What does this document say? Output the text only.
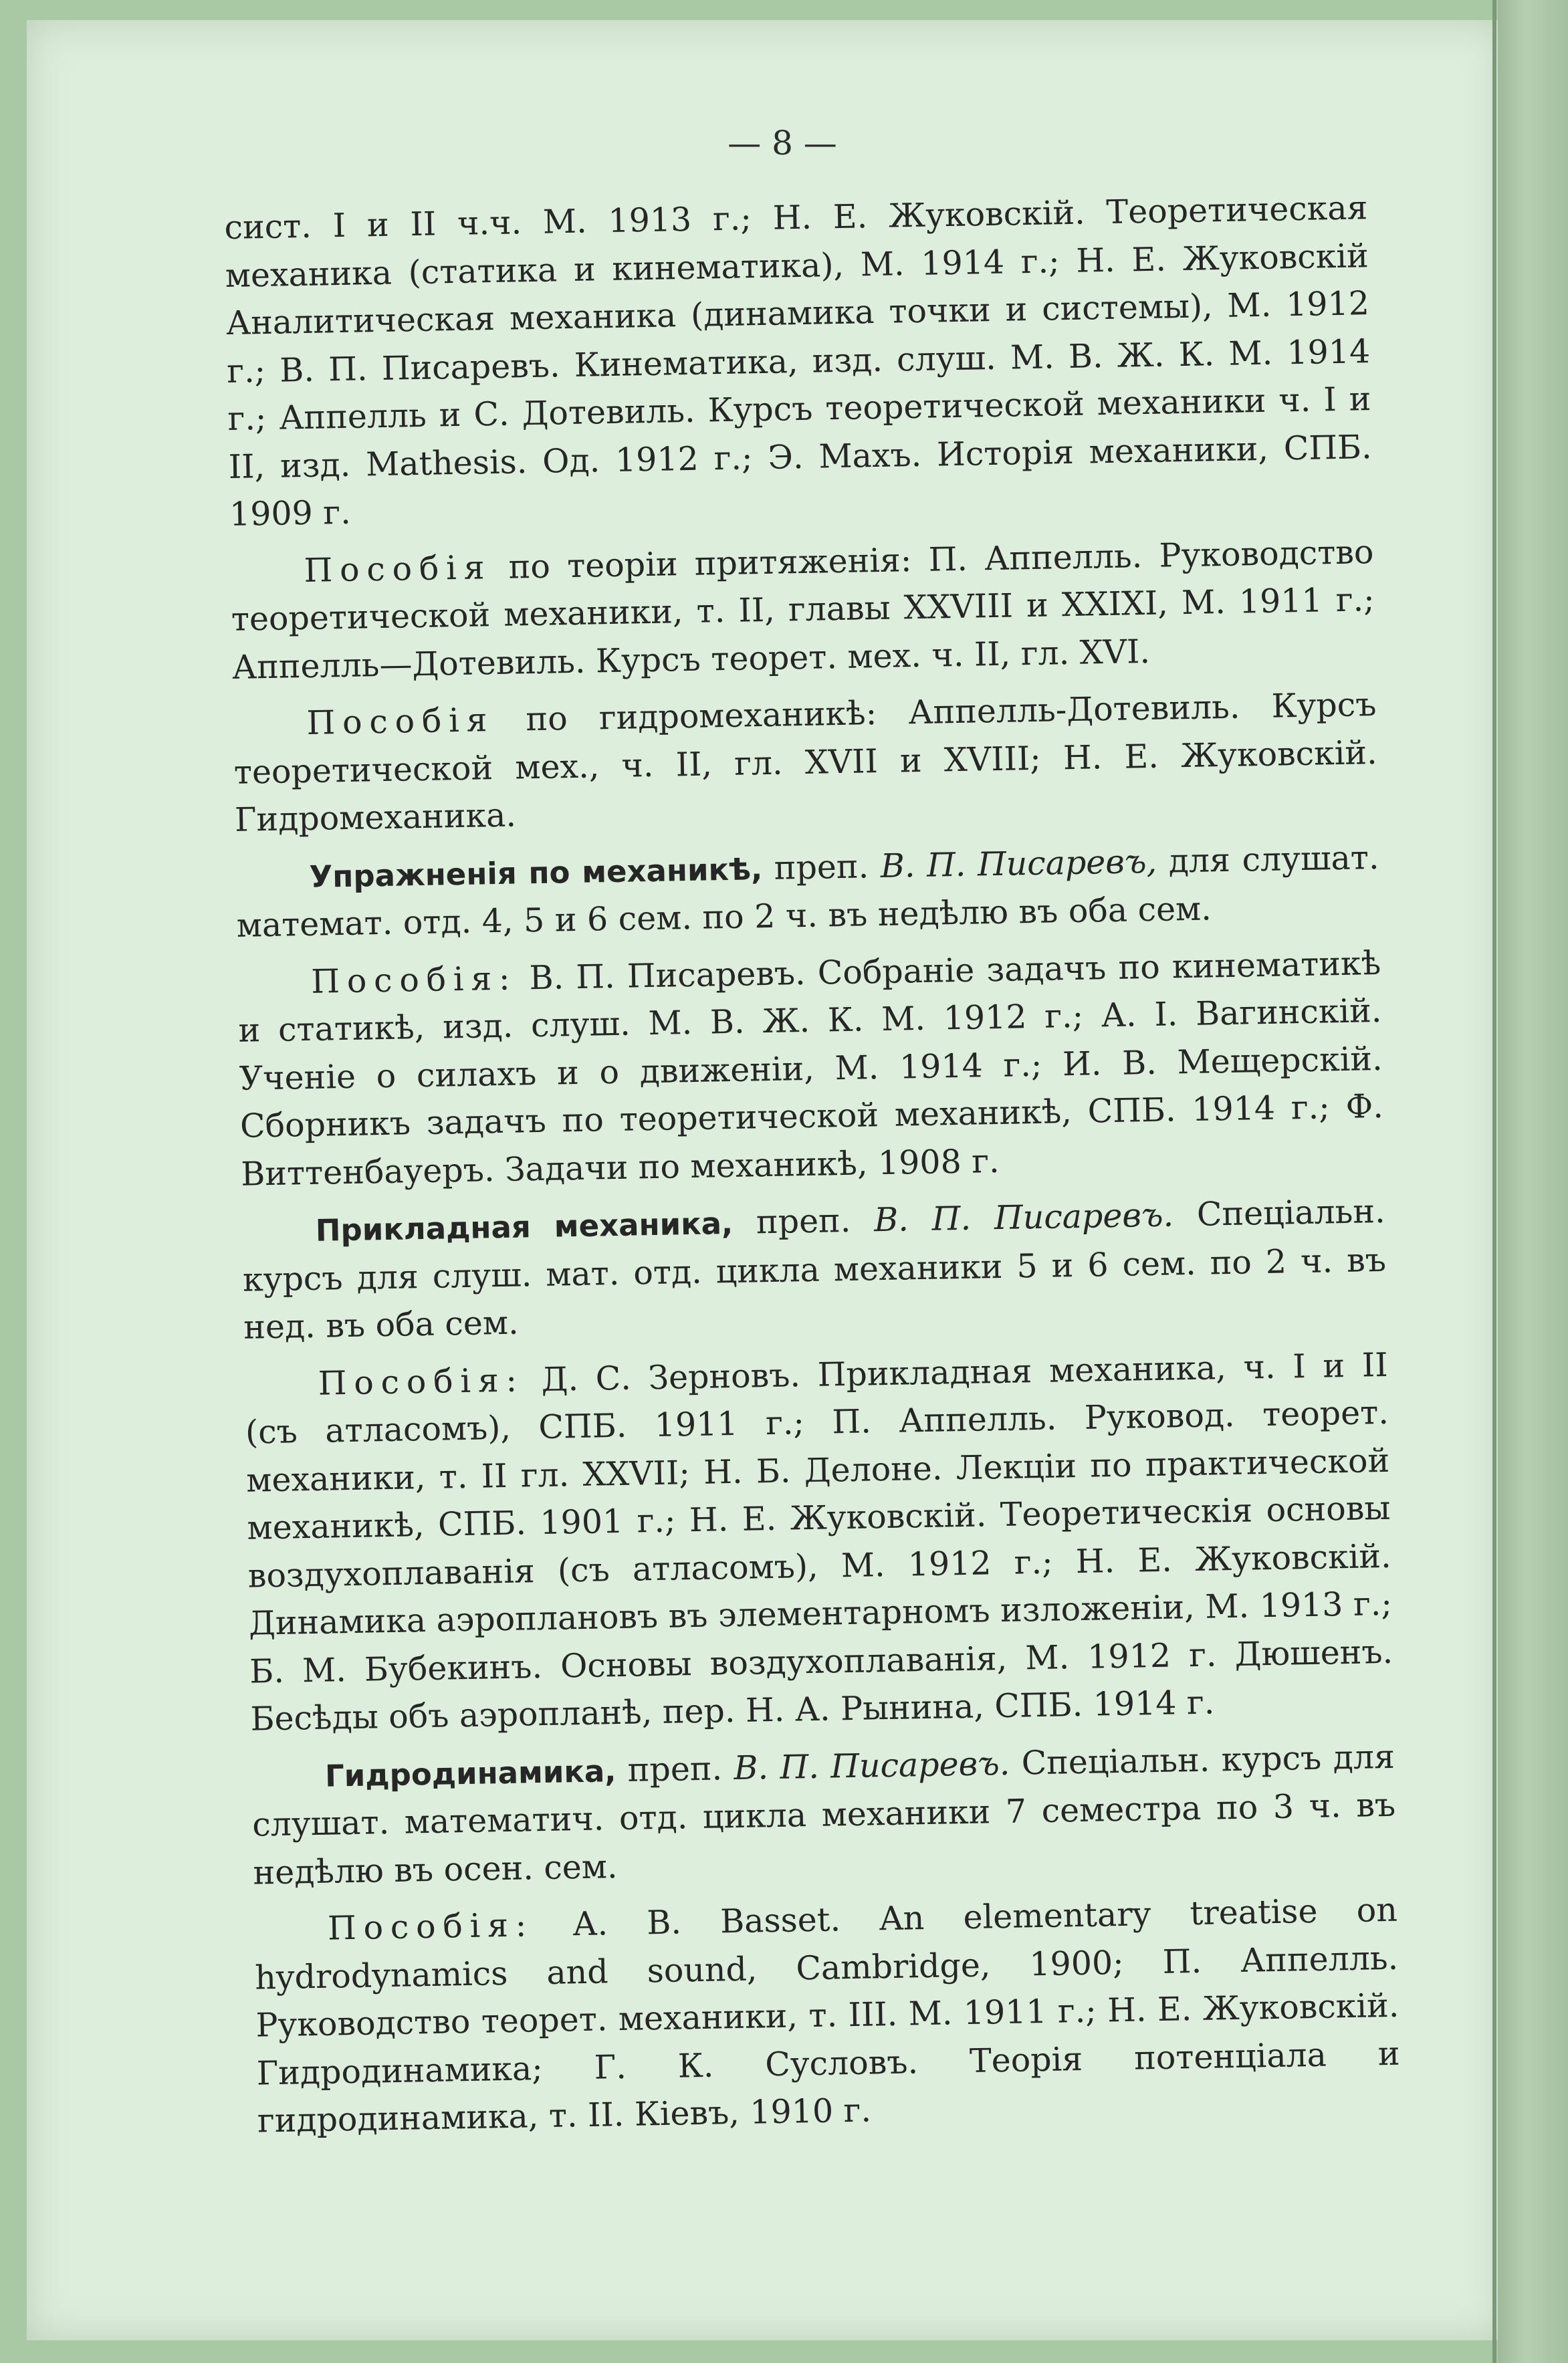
— 8 —

сист. I и II ч.ч. М. 1913 г.; Н. Е. Жуковскiй. Теоретическая механика (статика и кинематика), М. 1914 г.; Н. Е. Жуковскiй Аналитическая механика (динамика точки и системы), М. 1912 г.; В. П. Писаревъ. Кинематика, изд. слуш. М. В. Ж. К. М. 1914 г.; Аппелль и С. Дотевиль. Курсъ теоретической механики ч. I и II, изд. Mathesis. Од. 1912 г.; Э. Махъ. Исторiя механики, СПБ. 1909 г.

Пособiя по теорiи притяженiя: П. Аппелль. Руководство теоретической механики, т. II, главы XXVIII и XXIXI, М. 1911 г.; Аппелль—Дотевиль. Курсъ теорет. мех. ч. II, гл. XVI.

Пособiя по гидромеханикѣ: Аппелль-Дотевиль. Курсъ теоретической мех., ч. II, гл. XVII и XVIII; Н. Е. Жуковскiй. Гидромеханика.

Упражненiя по механикѣ, преп. В. П. Писаревъ, для слушат. математ. отд. 4, 5 и 6 сем. по 2 ч. въ недѣлю въ оба сем.

Пособiя: В. П. Писаревъ. Собранiе задачъ по кинематикѣ и статикѣ, изд. слуш. М. В. Ж. К. М. 1912 г.; А. I. Вагинскiй. Ученiе о силахъ и о движенiи, М. 1914 г.; И. В. Мещерскiй. Сборникъ задачъ по теоретической механикѣ, СПБ. 1914 г.; Ф. Виттенбауеръ. Задачи по механикѣ, 1908 г.

Прикладная механика, преп. В. П. Писаревъ. Спецiальн. курсъ для слуш. мат. отд. цикла механики 5 и 6 сем. по 2 ч. въ нед. въ оба сем.

Пособiя: Д. С. Зерновъ. Прикладная механика, ч. I и II (съ атласомъ), СПБ. 1911 г.; П. Аппелль. Руковод. теорет. механики, т. II гл. XXVII; Н. Б. Делоне. Лекцiи по практической механикѣ, СПБ. 1901 г.; Н. Е. Жуковскiй. Теоретическiя основы воздухоплаванiя (съ атласомъ), М. 1912 г.; Н. Е. Жуковскiй. Динамика аэроплановъ въ элементарномъ изложенiи, М. 1913 г.; Б. М. Бубекинъ. Основы воздухоплаванiя, М. 1912 г. Дюшенъ. Бесѣды объ аэропланѣ, пер. Н. А. Рынина, СПБ. 1914 г.

Гидродинамика, преп. В. П. Писаревъ. Спецiальн. курсъ для слушат. математич. отд. цикла механики 7 семестра по 3 ч. въ недѣлю въ осен. сем.

Пособiя: А. В. Basset. An elementary treatise on hydrodynamics and sound, Cambridge, 1900; П. Аппелль. Руководство теорет. механики, т. III. М. 1911 г.; Н. Е. Жуковскiй. Гидродинамика; Г. К. Сусловъ. Теорiя потенцiала и гидродинамика, т. II. Кiевъ, 1910 г.
